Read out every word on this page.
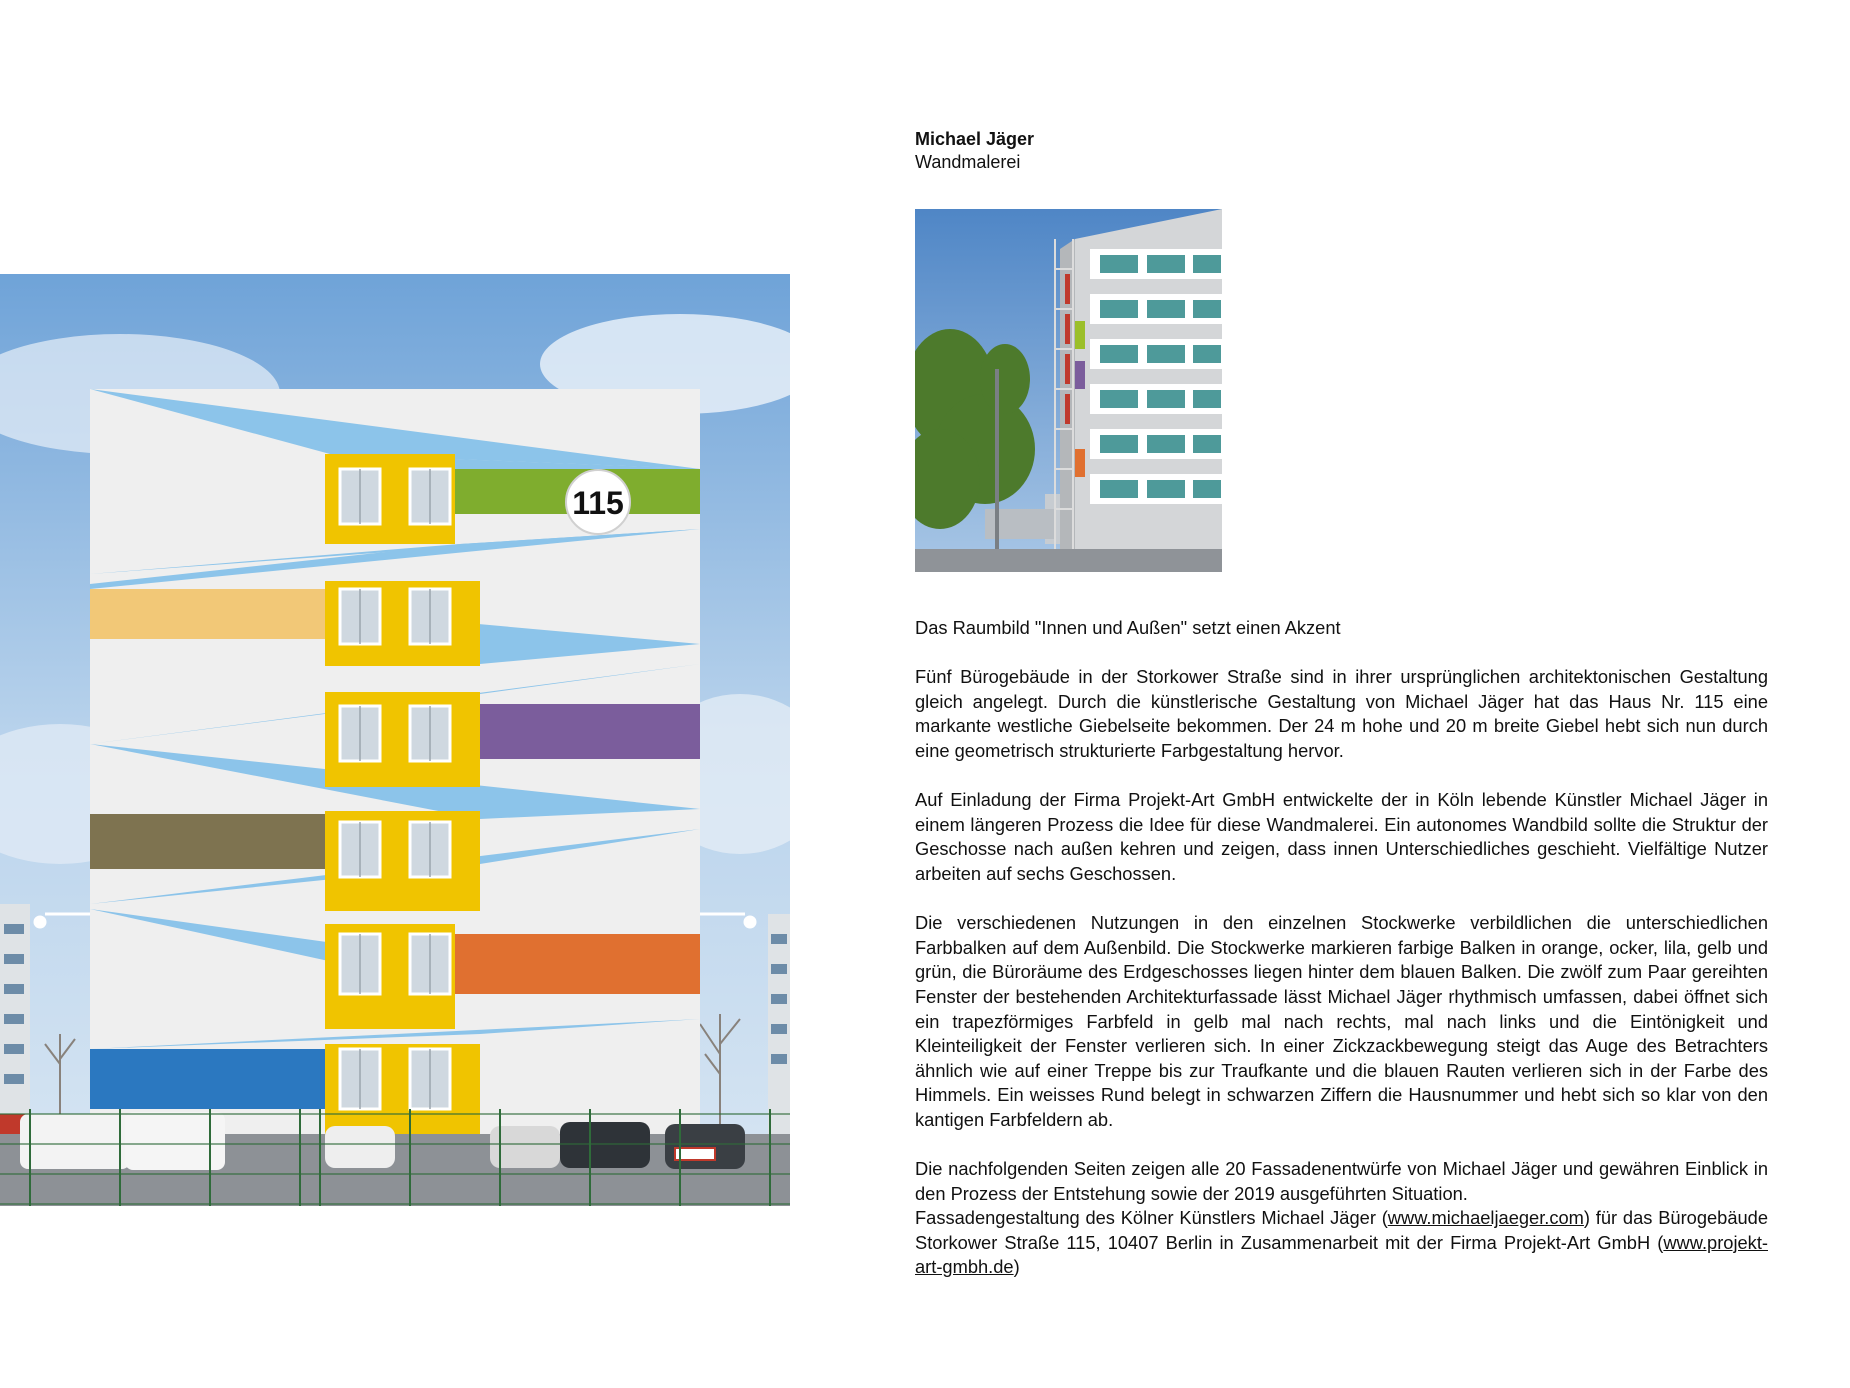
115
Michael Jäger
Wandmalerei
Das Raumbild "Innen und Außen" setzt einen Akzent

Fünf Bürogebäude in der Storkower Straße sind in ihrer ursprünglichen architektonischen Gestaltung gleich angelegt. Durch die künstlerische Gestaltung von Michael Jäger hat das Haus Nr. 115 eine markante westliche Giebelseite bekommen. Der 24 m hohe und 20 m breite Giebel hebt sich nun durch eine geometrisch strukturierte Farbgestaltung hervor.

Auf Einladung der Firma Projekt-Art GmbH entwickelte der in Köln lebende Künstler Michael Jäger in einem längeren Prozess die Idee für diese Wandmalerei. Ein autonomes Wandbild sollte die Struktur der Geschosse nach außen kehren und zeigen, dass innen Unterschiedliches geschieht. Vielfältige Nutzer arbeiten auf sechs Geschossen.

Die verschiedenen Nutzungen in den einzelnen Stockwerke verbildlichen die unterschiedlichen Farbbalken auf dem Außenbild. Die Stockwerke markieren farbige Balken in orange, ocker, lila, gelb und grün, die Büroräume des Erdgeschosses liegen hinter dem blauen Balken. Die zwölf zum Paar gereihten Fenster der bestehenden Architekturfassade lässt Michael Jäger rhythmisch umfassen, dabei öffnet sich ein trapezförmiges Farbfeld in gelb mal nach rechts, mal nach links und die Eintönigkeit und Kleinteiligkeit der Fenster verlieren sich. In einer Zickzackbewegung steigt das Auge des Betrachters ähnlich wie auf einer Treppe bis zur Traufkante und die blauen Rauten verlieren sich in der Farbe des Himmels. Ein weisses Rund belegt in schwarzen Ziffern die Hausnummer und hebt sich so klar von den kantigen Farbfeldern ab.

Die nachfolgenden Seiten zeigen alle 20 Fassadenentwürfe von Michael Jäger und gewähren Einblick in den Prozess der Entstehung sowie der 2019 ausgeführten Situation.

Fassadengestaltung des Kölner Künstlers Michael Jäger (www.michaeljaeger.com) für das Bürogebäude Storkower Straße 115, 10407 Berlin in Zusammenarbeit mit der Firma Projekt-Art GmbH (www.projekt-art-gmbh.de)
